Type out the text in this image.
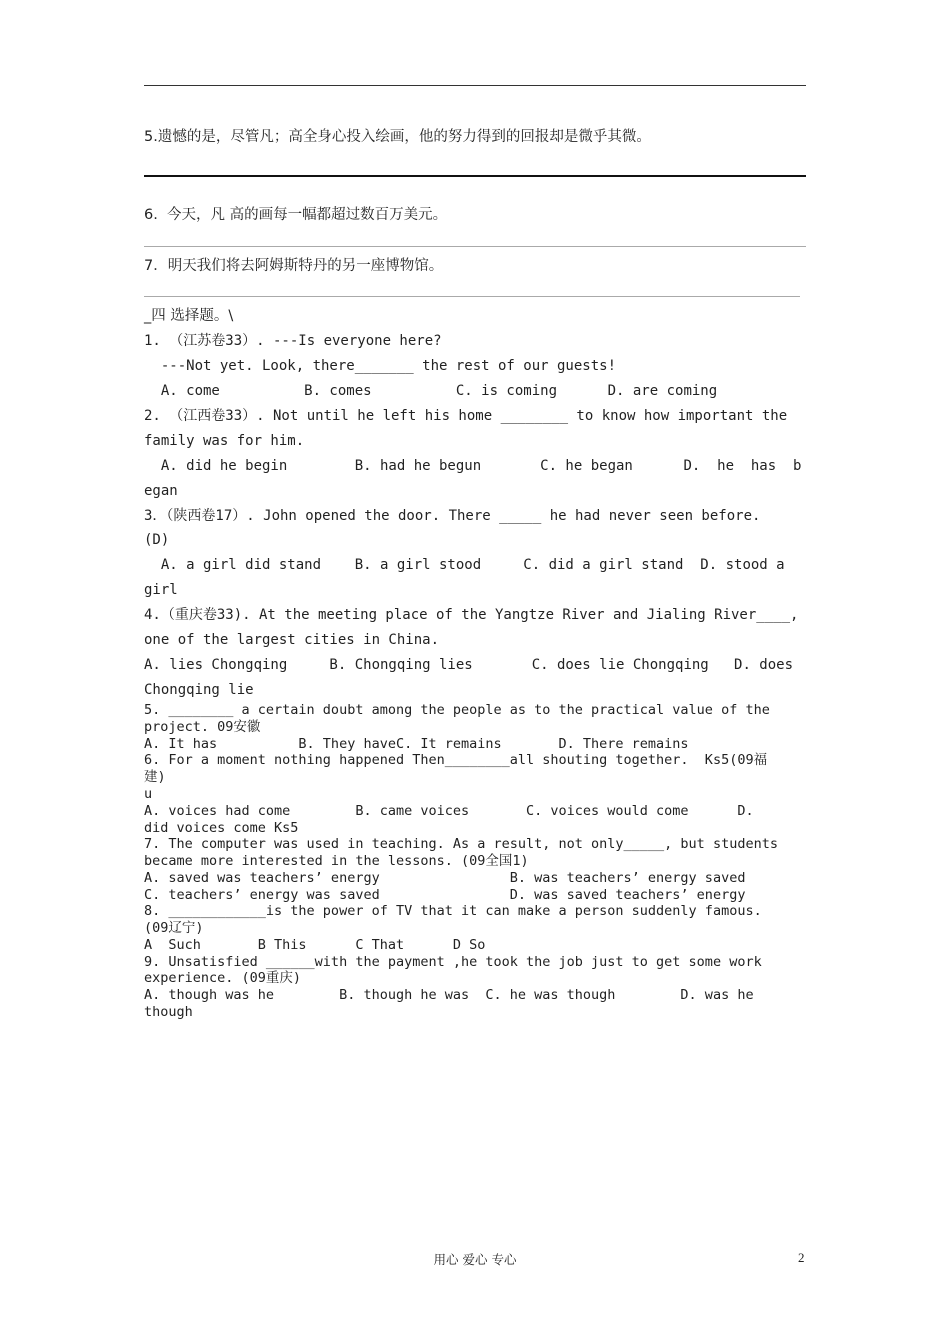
5.遗憾的是，尽管凡；高全身心投入绘画，他的努力得到的回报却是微乎其微。
6.  今天，凡 高的画每一幅都超过数百万美元。
7．明天我们将去阿姆斯特丹的另一座博物馆。
_四 选择题。\
1. （江苏卷33）. ---Is everyone here?
---Not yet. Look, there_______ the rest of our guests!
A. come          B. comes          C. is coming      D. are coming
2. （江西卷33）. Not until he left his home ________ to know how important the
family was for him.
A. did he begin        B. had he begun       C. he began      D.  he  has  b
egan
3．（陕西卷17）. John opened the door. There _____ he had never seen before.
(D)
A. a girl did stand    B. a girl stood     C. did a girl stand  D. stood a
girl
4.（重庆卷33). At the meeting place of the Yangtze River and Jialing River____,
one of the largest cities in China.
A. lies Chongqing     B. Chongqing lies       C. does lie Chongqing   D. does
Chongqing lie
5. ________ a certain doubt among the people as to the practical value of the
project. 09安徽
A. It has          B. They haveC. It remains       D. There remains
6. For a moment nothing happened Then________all shouting together.  Ks5(09福
建)
u
A. voices had come        B. came voices       C. voices would come      D.
did voices come Ks5
7. The computer was used in teaching. As a result, not only_____, but students
became more interested in the lessons. (09全国1)
A. saved was teachers’ energy                B. was teachers’ energy saved
C. teachers’ energy was saved                D. was saved teachers’ energy
8. ____________is the power of TV that it can make a person suddenly famous.
(09辽宁)
A  Such       B This      C That      D So
9. Unsatisfied ______with the payment ,he took the job just to get some work
experience. (09重庆)
A. though was he        B. though he was  C. he was though        D. was he
though
用心 爱心 专心	2
